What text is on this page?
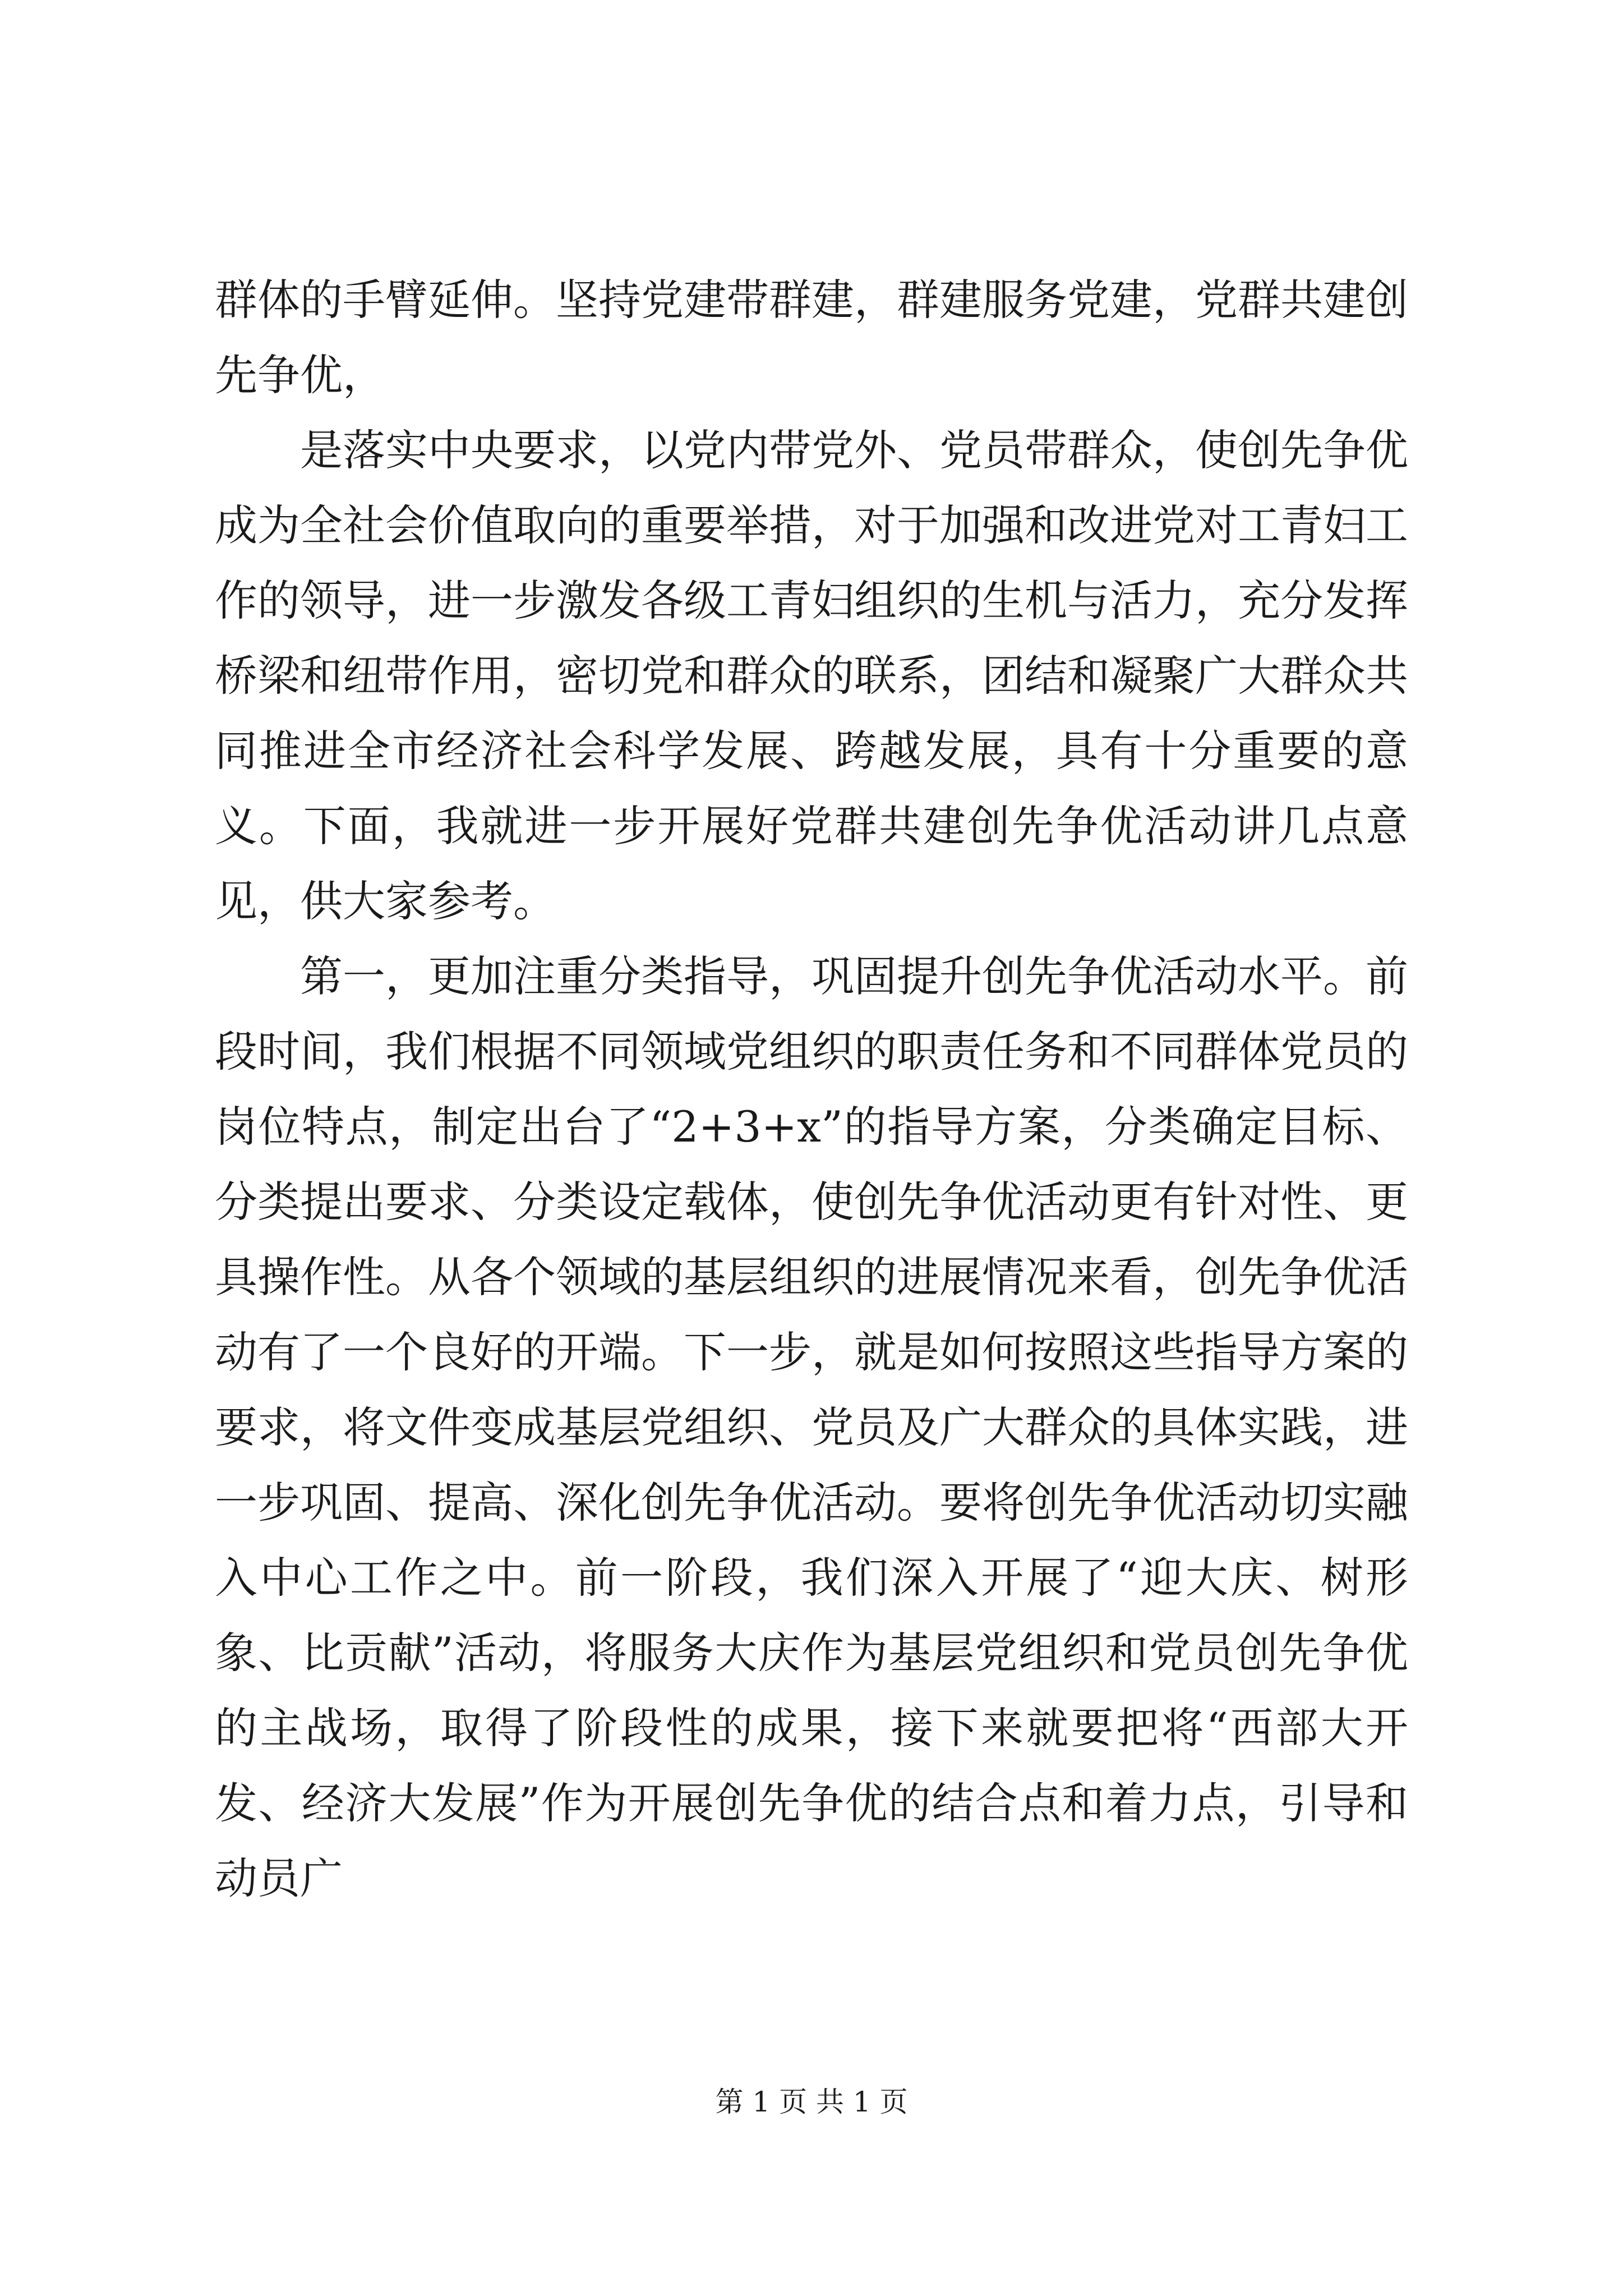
群体的手臂延伸。坚持党建带群建，群建服务党建，党群共建创先争优，

是落实中央要求，以党内带党外、党员带群众，使创先争优成为全社会价值取向的重要举措，对于加强和改进党对工青妇工作的领导，进一步激发各级工青妇组织的生机与活力，充分发挥桥梁和纽带作用，密切党和群众的联系，团结和凝聚广大群众共同推进全市经济社会科学发展、跨越发展，具有十分重要的意义。下面，我就进一步开展好党群共建创先争优活动讲几点意见，供大家参考。

第一，更加注重分类指导，巩固提升创先争优活动水平。前段时间，我们根据不同领域党组织的职责任务和不同群体党员的岗位特点，制定出台了“2+3+x”的指导方案，分类确定目标、分类提出要求、分类设定载体，使创先争优活动更有针对性、更具操作性。从各个领域的基层组织的进展情况来看，创先争优活动有了一个良好的开端。下一步，就是如何按照这些指导方案的要求，将文件变成基层党组织、党员及广大群众的具体实践，进一步巩固、提高、深化创先争优活动。要将创先争优活动切实融入中心工作之中。前一阶段，我们深入开展了“迎大庆、树形象、比贡献”活动，将服务大庆作为基层党组织和党员创先争优的主战场，取得了阶段性的成果，接下来就要把将“西部大开发、经济大发展”作为开展创先争优的结合点和着力点，引导和动员广

第 1 页 共 1 页
